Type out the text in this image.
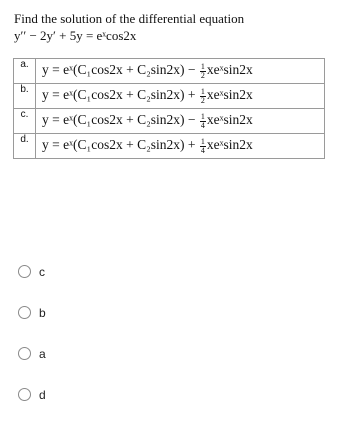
Find the solution of the differential equation
y′′ − 2y′ + 5y = eˣcos2x
a.	y = eˣ(C₁cos2x + $C_2\sin 2x) - \frac{1}{2}$ xeˣsin2x
b.	y = eˣ(C₁cos2x + $C_2\sin 2x) + \frac{1}{2}$ xeˣsin2x
c.	y = eˣ(C₁cos2x + $C_2\sin 2x) - \frac{1}{4}$ xeˣsin2x
d.	y = eˣ(C₁cos2x + $C_2\sin 2x) + \frac{1}{4}$ xeˣsin2x
c
b
a
d
